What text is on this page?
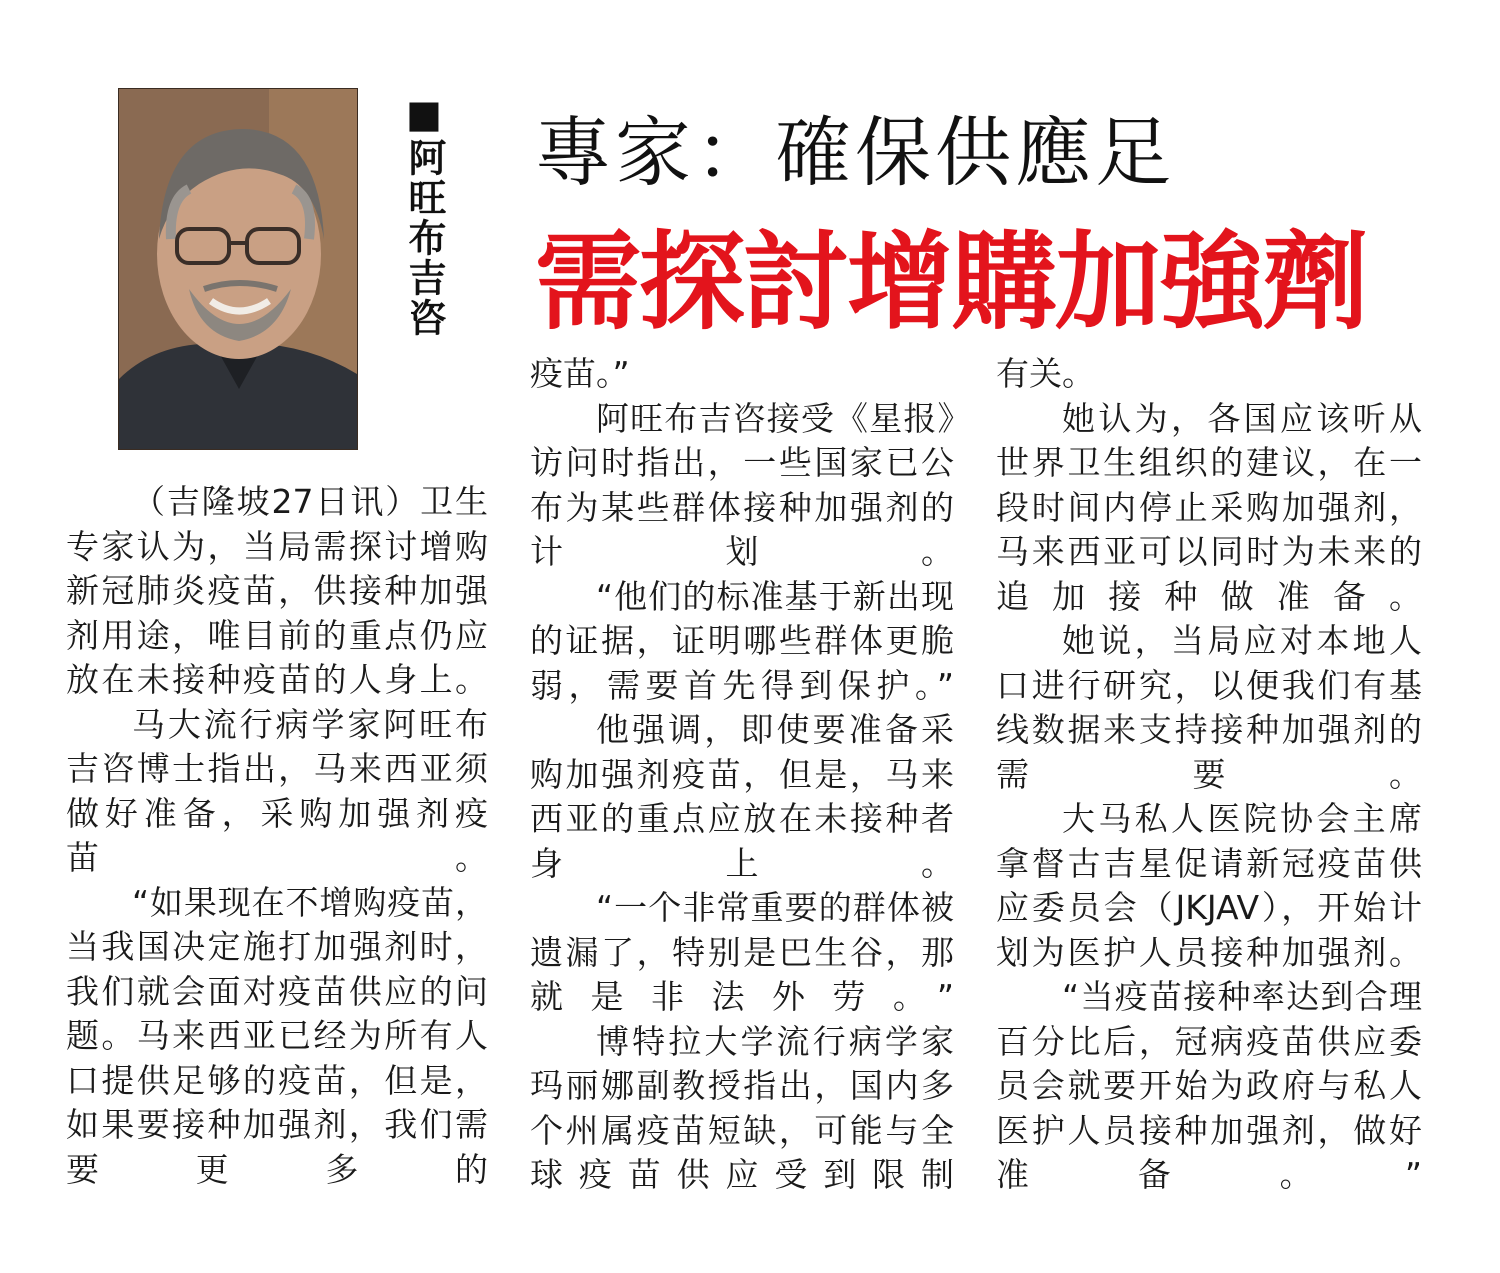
■阿旺布吉咨 專家：確保供應足
需探討增購加強劑

（吉隆坡27日讯）卫生专家认为，当局需探讨增购新冠肺炎疫苗，供接种加强剂用途，唯目前的重点仍应放在未接种疫苗的人身上。

马大流行病学家阿旺布吉咨博士指出，马来西亚须做好准备，采购加强剂疫苗。

“如果现在不增购疫苗，当我国决定施打加强剂时，我们就会面对疫苗供应的问题。马来西亚已经为所有人口提供足够的疫苗，但是，如果要接种加强剂，我们需要更多的

疫苗。”

阿旺布吉咨接受《星报》访问时指出，一些国家已公布为某些群体接种加强剂的计划。

“他们的标准基于新出现的证据，证明哪些群体更脆弱，需要首先得到保护。”

他强调，即使要准备采购加强剂疫苗，但是，马来西亚的重点应放在未接种者身上。

“一个非常重要的群体被遗漏了，特别是巴生谷，那就是非法外劳。”

博特拉大学流行病学家玛丽娜副教授指出，国内多个州属疫苗短缺，可能与全球疫苗供应受到限制

有关。

她认为，各国应该听从世界卫生组织的建议，在一段时间内停止采购加强剂，马来西亚可以同时为未来的追加接种做准备。

她说，当局应对本地人口进行研究，以便我们有基线数据来支持接种加强剂的需要。

大马私人医院协会主席拿督古吉星促请新冠疫苗供应委员会（JKJAV），开始计划为医护人员接种加强剂。

“当疫苗接种率达到合理百分比后，冠病疫苗供应委员会就要开始为政府与私人医护人员接种加强剂，做好准备。”
